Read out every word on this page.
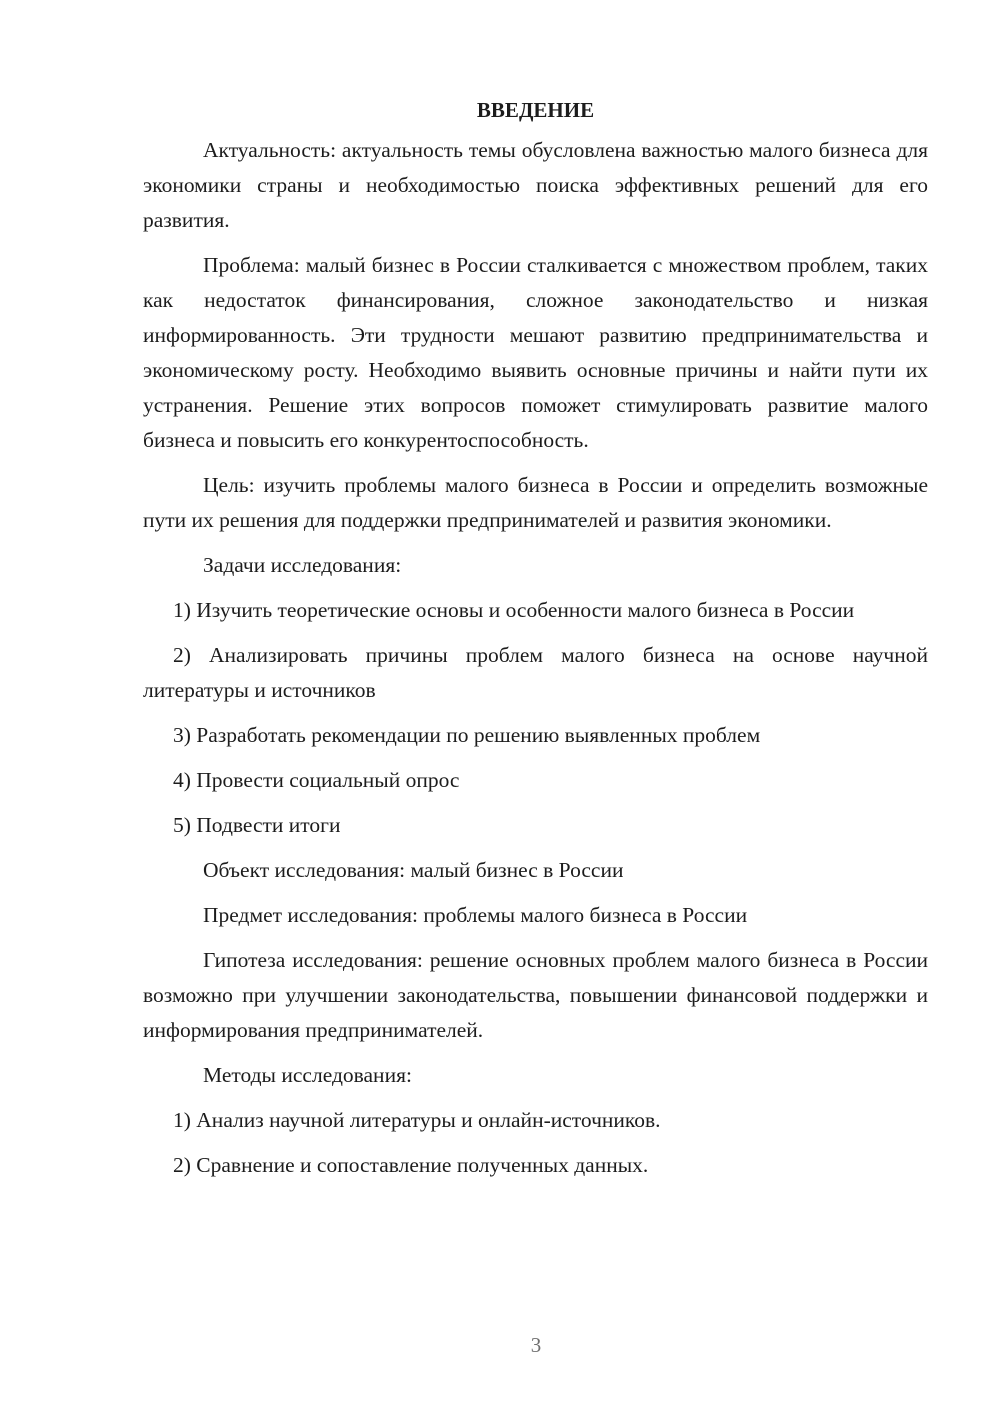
ВВЕДЕНИЕ

Актуальность: актуальность темы обусловлена важностью малого бизнеса для экономики страны и необходимостью поиска эффективных решений для его развития.

Проблема: малый бизнес в России сталкивается с множеством проблем, таких как недостаток финансирования, сложное законодательство и низкая информированность. Эти трудности мешают развитию предпринимательства и экономическому росту. Необходимо выявить основные причины и найти пути их устранения. Решение этих вопросов поможет стимулировать развитие малого бизнеса и повысить его конкурентоспособность.

Цель: изучить проблемы малого бизнеса в России и определить возможные пути их решения для поддержки предпринимателей и развития экономики.

Задачи исследования:

1) Изучить теоретические основы и особенности малого бизнеса в России

2) Анализировать причины проблем малого бизнеса на основе научной литературы и источников

3) Разработать рекомендации по решению выявленных проблем

4) Провести социальный опрос

5) Подвести итоги

Объект исследования: малый бизнес в России

Предмет исследования: проблемы малого бизнеса в России

Гипотеза исследования: решение основных проблем малого бизнеса в России возможно при улучшении законодательства, повышении финансовой поддержки и информирования предпринимателей.

Методы исследования:

1) Анализ научной литературы и онлайн-источников.

2) Сравнение и сопоставление полученных данных.

3
